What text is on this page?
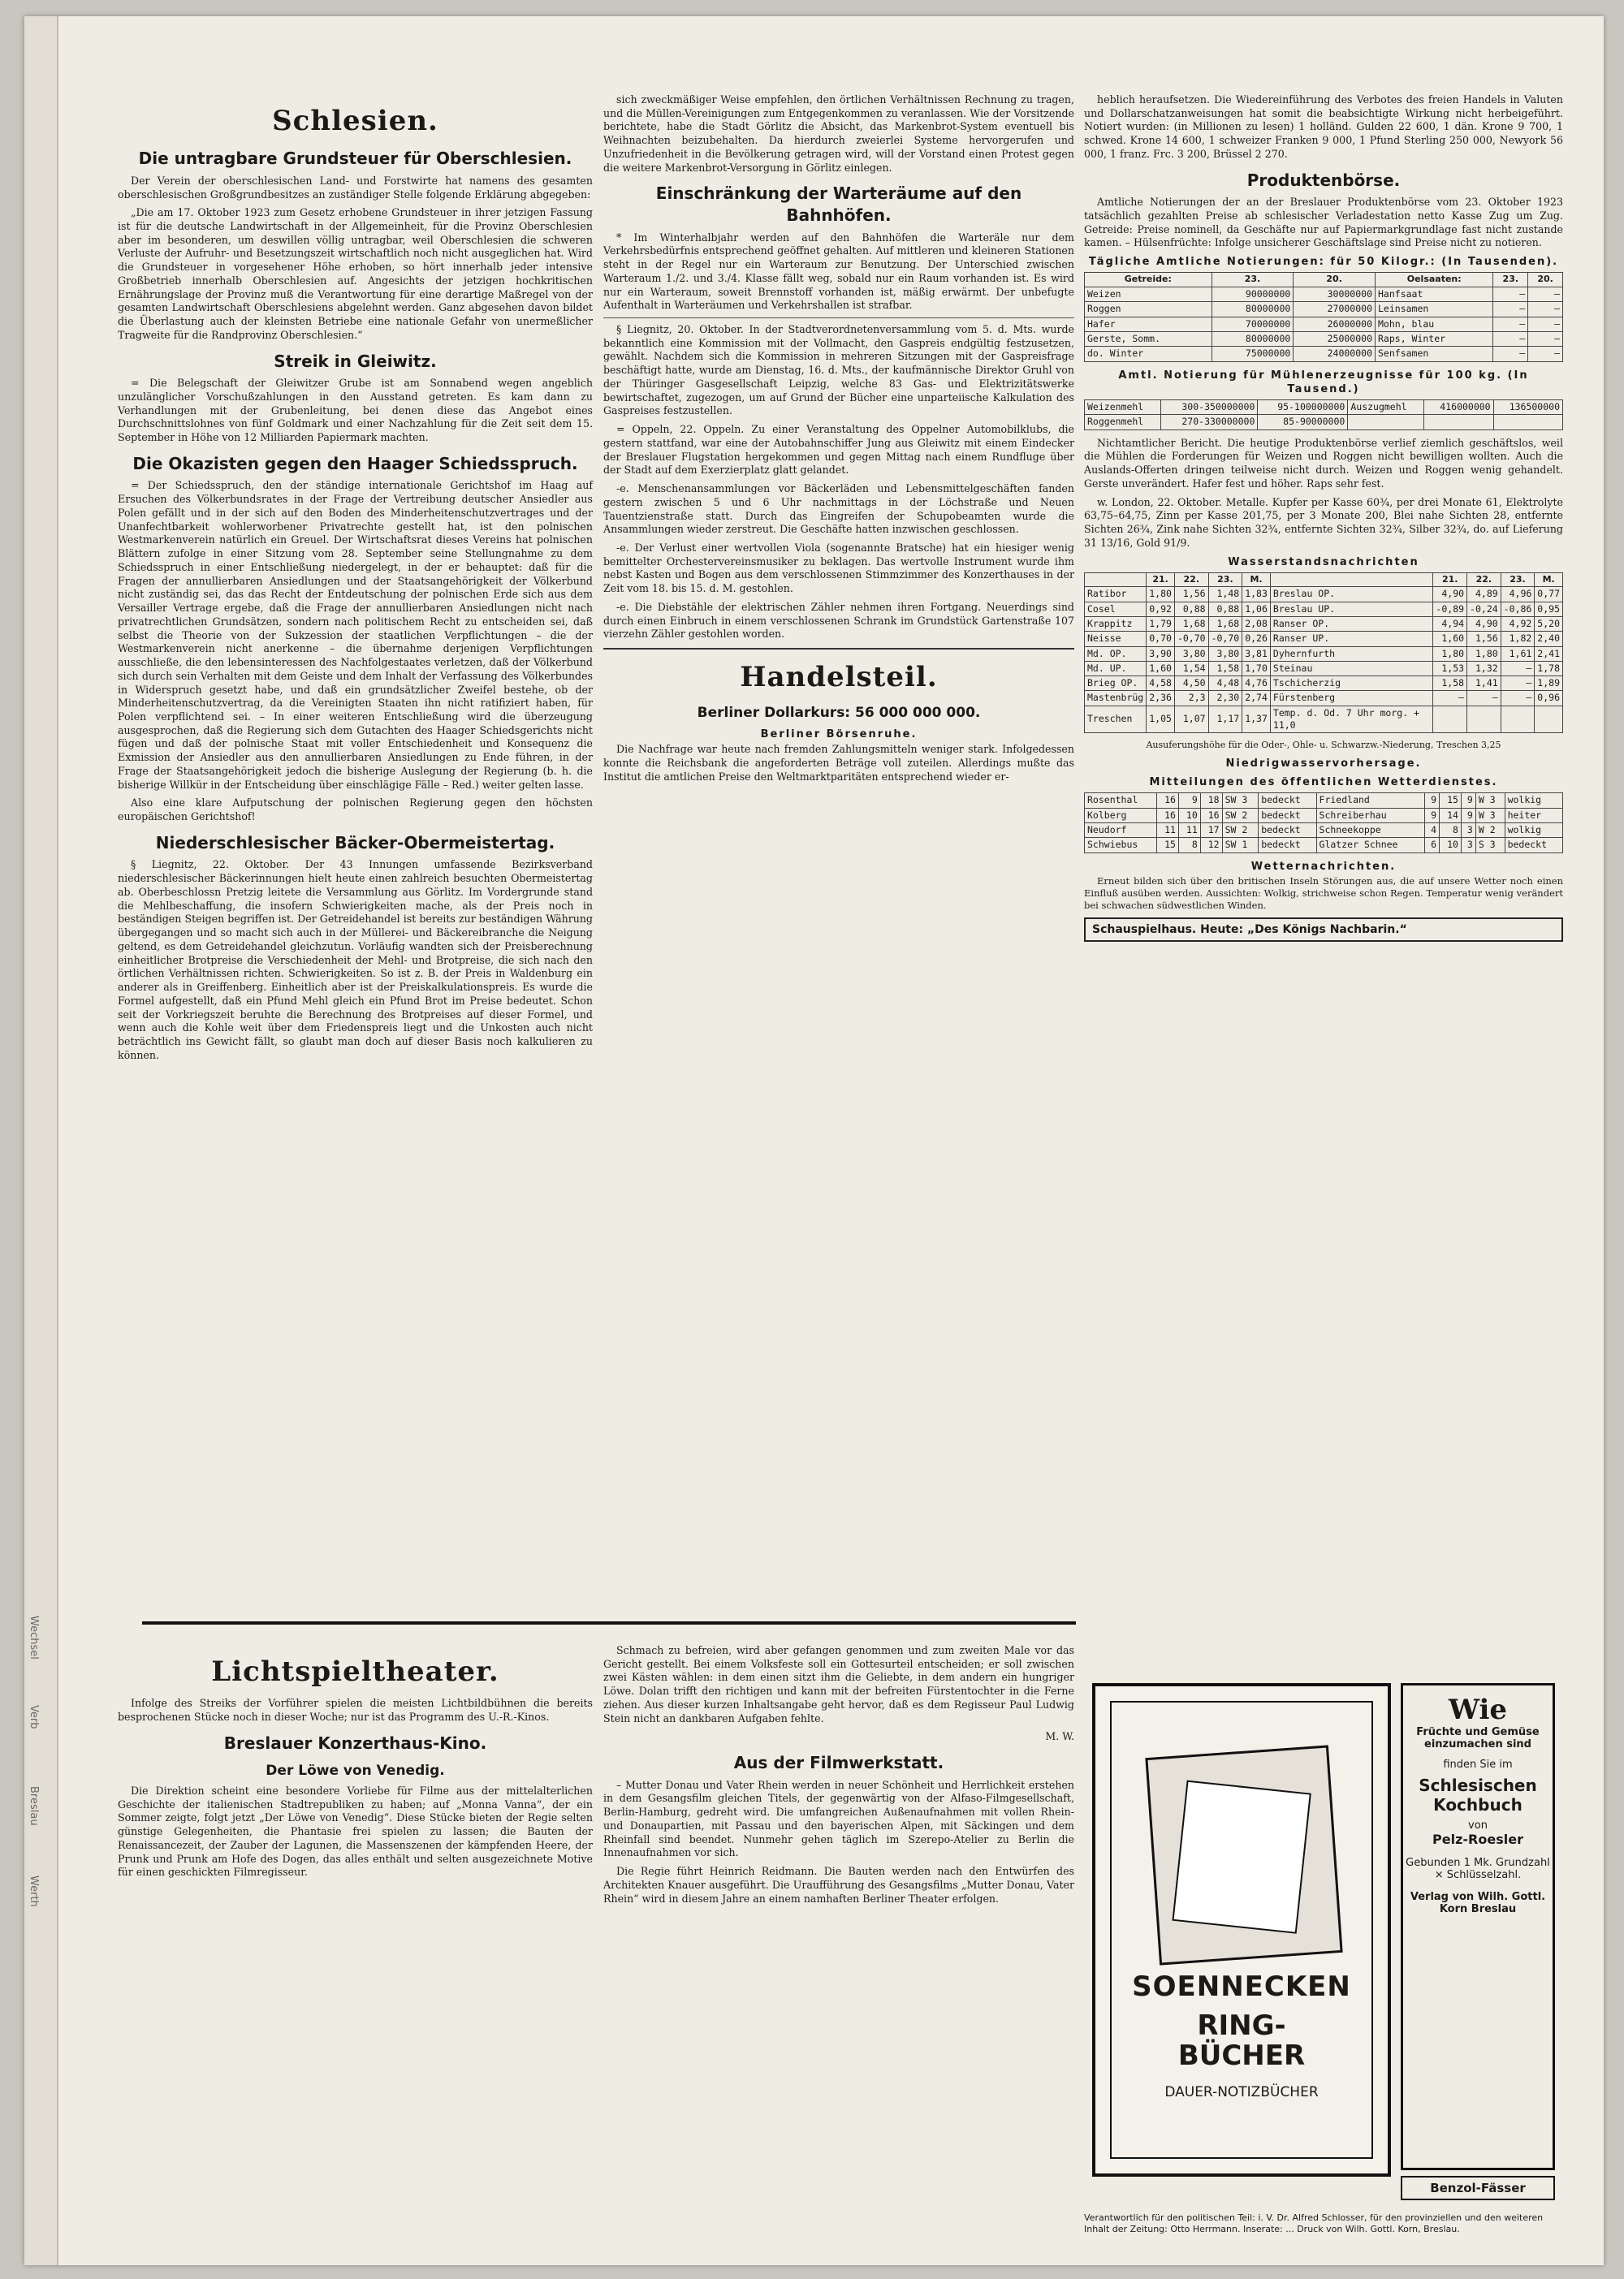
Wechsel
Verb
Breslau
Werth
Schlesien.
Die untragbare Grundsteuer für Oberschlesien.

Der Verein der oberschlesischen Land- und Forstwirte hat namens des gesamten oberschlesischen Großgrundbesitzes an zuständiger Stelle folgende Erklärung abgegeben:

„Die am 17. Oktober 1923 zum Gesetz erhobene Grundsteuer in ihrer jetzigen Fassung ist für die deutsche Landwirtschaft in der Allgemeinheit, für die Provinz Oberschlesien aber im besonderen, um deswillen völlig untragbar, weil Oberschlesien die schweren Verluste der Aufruhr- und Besetzungszeit wirtschaftlich noch nicht ausgeglichen hat. Wird die Grundsteuer in vorgesehener Höhe erhoben, so hört innerhalb jeder intensive Großbetrieb innerhalb Oberschlesien auf. Angesichts der jetzigen hochkritischen Ernährungslage der Provinz muß die Verantwortung für eine derartige Maßregel von der gesamten Landwirtschaft Oberschlesiens abgelehnt werden. Ganz abgesehen davon bildet die Überlastung auch der kleinsten Betriebe eine nationale Gefahr von unermeßlicher Tragweite für die Randprovinz Oberschlesien.“

Streik in Gleiwitz.

= Die Belegschaft der Gleiwitzer Grube ist am Sonnabend wegen angeblich unzulänglicher Vorschußzahlungen in den Ausstand getreten. Es kam dann zu Verhandlungen mit der Grubenleitung, bei denen diese das Angebot eines Durchschnittslohnes von fünf Goldmark und einer Nachzahlung für die Zeit seit dem 15. September in Höhe von 12 Milliarden Papiermark machten.

Die Okazisten gegen den Haager Schiedsspruch.

= Der Schiedsspruch, den der ständige internationale Gerichtshof im Haag auf Ersuchen des Völkerbundsrates in der Frage der Vertreibung deutscher Ansiedler aus Polen gefällt und in der sich auf den Boden des Minderheitenschutzvertrages und der Unanfechtbarkeit wohlerworbener Privatrechte gestellt hat, ist den polnischen Westmarkenverein natürlich ein Greuel. Der Wirtschaftsrat dieses Vereins hat polnischen Blättern zufolge in einer Sitzung vom 28. September seine Stellungnahme zu dem Schiedsspruch in einer Entschließung niedergelegt, in der er behauptet: daß für die Fragen der annullierbaren Ansiedlungen und der Staatsangehörigkeit der Völkerbund nicht zuständig sei, das das Recht der Entdeutschung der polnischen Erde sich aus dem Versailler Vertrage ergebe, daß die Frage der annullierbaren Ansiedlungen nicht nach privatrechtlichen Grundsätzen, sondern nach politischem Recht zu entscheiden sei, daß selbst die Theorie von der Sukzession der staatlichen Verpflichtungen – die der Westmarkenverein nicht anerkenne – die übernahme derjenigen Verpflichtungen ausschließe, die den lebensinteressen des Nachfolgestaates verletzen, daß der Völkerbund sich durch sein Verhalten mit dem Geiste und dem Inhalt der Verfassung des Völkerbundes in Widerspruch gesetzt habe, und daß ein grundsätzlicher Zweifel bestehe, ob der Minderheitenschutzvertrag, da die Vereinigten Staaten ihn nicht ratifiziert haben, für Polen verpflichtend sei. – In einer weiteren Entschließung wird die überzeugung ausgesprochen, daß die Regierung sich dem Gutachten des Haager Schiedsgerichts nicht fügen und daß der polnische Staat mit voller Entschiedenheit und Konsequenz die Exmission der Ansiedler aus den annullierbaren Ansiedlungen zu Ende führen, in der Frage der Staatsangehörigkeit jedoch die bisherige Auslegung der Regierung (b. h. die bisherige Willkür in der Entscheidung über einschlägige Fälle – Red.) weiter gelten lasse.

Also eine klare Aufputschung der polnischen Regierung gegen den höchsten europäischen Gerichtshof!

Niederschlesischer Bäcker-Obermeistertag.

§ Liegnitz, 22. Oktober. Der 43 Innungen umfassende Bezirksverband niederschlesischer Bäckerinnungen hielt heute einen zahlreich besuchten Obermeistertag ab. Oberbeschlossn Pretzig leitete die Versammlung aus Görlitz. Im Vordergrunde stand die Mehlbeschaffung, die insofern Schwierigkeiten mache, als der Preis noch in beständigen Steigen begriffen ist. Der Getreidehandel ist bereits zur beständigen Währung übergegangen und so macht sich auch in der Müllerei- und Bäckereibranche die Neigung geltend, es dem Getreidehandel gleichzutun. Vorläufig wandten sich der Preisberechnung einheitlicher Brotpreise die Verschiedenheit der Mehl- und Brotpreise, die sich nach den örtlichen Verhältnissen richten. Schwierigkeiten. So ist z. B. der Preis in Waldenburg ein anderer als in Greiffenberg. Einheitlich aber ist der Preiskalkulationspreis. Es wurde die Formel aufgestellt, daß ein Pfund Mehl gleich ein Pfund Brot im Preise bedeutet. Schon seit der Vorkriegszeit beruhte die Berechnung des Brotpreises auf dieser Formel, und wenn auch die Kohle weit über dem Friedenspreis liegt und die Unkosten auch nicht beträchtlich ins Gewicht fällt, so glaubt man doch auf dieser Basis noch kalkulieren zu können.

sich zweckmäßiger Weise empfehlen, den örtlichen Verhältnissen Rechnung zu tragen, und die Müllen-Vereinigungen zum Entgegenkommen zu veranlassen. Wie der Vorsitzende berichtete, habe die Stadt Görlitz die Absicht, das Markenbrot-System eventuell bis Weihnachten beizubehalten. Da hierdurch zweierlei Systeme hervorgerufen und Unzufriedenheit in die Bevölkerung getragen wird, will der Vorstand einen Protest gegen die weitere Markenbrot-Versorgung in Görlitz einlegen.

Einschränkung der Warteräume auf den Bahnhöfen.

* Im Winterhalbjahr werden auf den Bahnhöfen die Warteräle nur dem Verkehrsbedürfnis entsprechend geöffnet gehalten. Auf mittleren und kleineren Stationen steht in der Regel nur ein Warteraum zur Benutzung. Der Unterschied zwischen Warteraum 1./2. und 3./4. Klasse fällt weg, sobald nur ein Raum vorhanden ist. Es wird nur ein Warteraum, soweit Brennstoff vorhanden ist, mäßig erwärmt. Der unbefugte Aufenthalt in Warteräumen und Verkehrshallen ist strafbar.

§ Liegnitz, 20. Oktober. In der Stadtverordnetenversammlung vom 5. d. Mts. wurde bekanntlich eine Kommission mit der Vollmacht, den Gaspreis endgültig festzusetzen, gewählt. Nachdem sich die Kommission in mehreren Sitzungen mit der Gaspreisfrage beschäftigt hatte, wurde am Dienstag, 16. d. Mts., der kaufmännische Direktor Gruhl von der Thüringer Gasgesellschaft Leipzig, welche 83 Gas- und Elektrizitätswerke bewirtschaftet, zugezogen, um auf Grund der Bücher eine unparteiische Kalkulation des Gaspreises festzustellen.

= Oppeln, 22. Oppeln. Zu einer Veranstaltung des Oppelner Automobilklubs, die gestern stattfand, war eine der Autobahnschiffer Jung aus Gleiwitz mit einem Eindecker der Breslauer Flugstation hergekommen und gegen Mittag nach einem Rundfluge über der Stadt auf dem Exerzierplatz glatt gelandet.

-e. Menschenansammlungen vor Bäckerläden und Lebensmittelgeschäften fanden gestern zwischen 5 und 6 Uhr nachmittags in der Löchstraße und Neuen Tauentzienstraße statt. Durch das Eingreifen der Schupobeamten wurde die Ansammlungen wieder zerstreut. Die Geschäfte hatten inzwischen geschlossen.

-e. Der Verlust einer wertvollen Viola (sogenannte Bratsche) hat ein hiesiger wenig bemittelter Orchestervereinsmusiker zu beklagen. Das wertvolle Instrument wurde ihm nebst Kasten und Bogen aus dem verschlossenen Stimmzimmer des Konzerthauses in der Zeit vom 18. bis 15. d. M. gestohlen.

-e. Die Diebstähle der elektrischen Zähler nehmen ihren Fortgang. Neuerdings sind durch einen Einbruch in einem verschlossenen Schrank im Grundstück Gartenstraße 107 vierzehn Zähler gestohlen worden.

Handelsteil.
Berliner Dollarkurs: 56 000 000 000.
Berliner Börsenruhe.

Die Nachfrage war heute nach fremden Zahlungsmitteln weniger stark. Infolgedessen konnte die Reichsbank die angeforderten Beträge voll zuteilen. Allerdings mußte das Institut die amtlichen Preise den Weltmarktparitäten entsprechend wieder er-

heblich heraufsetzen. Die Wiedereinführung des Verbotes des freien Handels in Valuten und Dollarschatzanweisungen hat somit die beabsichtigte Wirkung nicht herbeigeführt. Notiert wurden: (in Millionen zu lesen) 1 holländ. Gulden 22 600, 1 dän. Krone 9 700, 1 schwed. Krone 14 600, 1 schweizer Franken 9 000, 1 Pfund Sterling 250 000, Newyork 56 000, 1 franz. Frc. 3 200, Brüssel 2 270.

Produktenbörse.

Amtliche Notierungen der an der Breslauer Produktenbörse vom 23. Oktober 1923 tatsächlich gezahlten Preise ab schlesischer Verladestation netto Kasse Zug um Zug. Getreide: Preise nominell, da Geschäfte nur auf Papiermarkgrundlage fast nicht zustande kamen. – Hülsenfrüchte: Infolge unsicherer Geschäftslage sind Preise nicht zu notieren.

Tägliche Amtliche Notierungen: für 50 Kilogr.: (In Tausenden).
Getreide:	23.	20.	Oelsaaten:	23.	20.
Weizen	90000000	30000000	Hanfsaat	—	—
Roggen	80000000	27000000	Leinsamen	—	—
Hafer	70000000	26000000	Mohn, blau	—	—
Gerste, Somm.	80000000	25000000	Raps, Winter	—	—
do. Winter	75000000	24000000	Senfsamen	—	—
Amtl. Notierung für Mühlenerzeugnisse für 100 kg. (In Tausend.)
Weizenmehl	300-350000000	95-100000000	Auszugmehl	416000000	136500000
Roggenmehl	270-330000000	85-90000000			

Nichtamtlicher Bericht. Die heutige Produktenbörse verlief ziemlich geschäftslos, weil die Mühlen die Forderungen für Weizen und Roggen nicht bewilligen wollten. Auch die Auslands-Offerten dringen teilweise nicht durch. Weizen und Roggen wenig gehandelt. Gerste unverändert. Hafer fest und höher. Raps sehr fest.

w. London, 22. Oktober. Metalle. Kupfer per Kasse 60¾, per drei Monate 61, Elektrolyte 63,75–64,75, Zinn per Kasse 201,75, per 3 Monate 200, Blei nahe Sichten 28, entfernte Sichten 26¾, Zink nahe Sichten 32¾, entfernte Sichten 32¾, Silber 32¾, do. auf Lieferung 31 13/16, Gold 91/9.

Wasserstandsnachrichten
	21.	22.	23.	M.		21.	22.	23.	M.
Ratibor	1,80	1,56	1,48	1,83	Breslau OP.	4,90	4,89	4,96	0,77
Cosel	0,92	0,88	0,88	1,06	Breslau UP.	-0,89	-0,24	-0,86	0,95
Krappitz	1,79	1,68	1,68	2,08	Ranser OP.	4,94	4,90	4,92	5,20
Neisse	0,70	-0,70	-0,70	0,26	Ranser UP.	1,60	1,56	1,82	2,40
Md. OP.	3,90	3,80	3,80	3,81	Dyhernfurth	1,80	1,80	1,61	2,41
Md. UP.	1,60	1,54	1,58	1,70	Steinau	1,53	1,32	—	1,78
Brieg OP.	4,58	4,50	4,48	4,76	Tschicherzig	1,58	1,41	—	1,89
Mastenbrüg	2,36	2,3	2,30	2,74	Fürstenberg	—	—	—	0,96
Treschen	1,05	1,07	1,17	1,37	Temp. d. Od. 7 Uhr morg. + 11,0				
Ausuferungshöhe für die Oder-, Ohle- u. Schwarzw.-Niederung, Treschen 3,25
Niedrigwasservorhersage.
Mitteilungen des öffentlichen Wetterdienstes.
Rosenthal	16	9	18	SW 3	bedeckt	Friedland	9	15	9	W 3	wolkig
Kolberg	16	10	16	SW 2	bedeckt	Schreiberhau	9	14	9	W 3	heiter
Neudorf	11	11	17	SW 2	bedeckt	Schneekoppe	4	8	3	W 2	wolkig
Schwiebus	15	8	12	SW 1	bedeckt	Glatzer Schnee	6	10	3	S 3	bedeckt
Wetternachrichten.

Erneut bilden sich über den britischen Inseln Störungen aus, die auf unsere Wetter noch einen Einfluß ausüben werden. Aussichten: Wolkig, strichweise schon Regen. Temperatur wenig verändert bei schwachen südwestlichen Winden.

Schauspielhaus. Heute: „Des Königs Nachbarin.“
Lichtspieltheater.

Infolge des Streiks der Vorführer spielen die meisten Lichtbildbühnen die bereits besprochenen Stücke noch in dieser Woche; nur ist das Programm des U.-R.-Kinos.

Breslauer Konzerthaus-Kino.
Der Löwe von Venedig.

Die Direktion scheint eine besondere Vorliebe für Filme aus der mittelalterlichen Geschichte der italienischen Stadtrepubliken zu haben; auf „Monna Vanna“, der ein Sommer zeigte, folgt jetzt „Der Löwe von Venedig“. Diese Stücke bieten der Regie selten günstige Gelegenheiten, die Phantasie frei spielen zu lassen; die Bauten der Renaissancezeit, der Zauber der Lagunen, die Massenszenen der kämpfenden Heere, der Prunk und Prunk am Hofe des Dogen, das alles enthält und selten ausgezeichnete Motive für einen geschickten Filmregisseur.

Schmach zu befreien, wird aber gefangen genommen und zum zweiten Male vor das Gericht gestellt. Bei einem Volksfeste soll ein Gottesurteil entscheiden; er soll zwischen zwei Kästen wählen: in dem einen sitzt ihm die Geliebte, in dem andern ein hungriger Löwe. Dolan trifft den richtigen und kann mit der befreiten Fürstentochter in die Ferne ziehen. Aus dieser kurzen Inhaltsangabe geht hervor, daß es dem Regisseur Paul Ludwig Stein nicht an dankbaren Aufgaben fehlte.

M. W.
Aus der Filmwerkstatt.

– Mutter Donau und Vater Rhein werden in neuer Schönheit und Herrlichkeit erstehen in dem Gesangsfilm gleichen Titels, der gegenwärtig von der Alfaso-Filmgesellschaft, Berlin-Hamburg, gedreht wird. Die umfangreichen Außenaufnahmen mit vollen Rhein- und Donaupartien, mit Passau und den bayerischen Alpen, mit Säckingen und dem Rheinfall sind beendet. Nunmehr gehen täglich im Szerepo-Atelier zu Berlin die Innenaufnahmen vor sich.

Die Regie führt Heinrich Reidmann. Die Bauten werden nach den Entwürfen des Architekten Knauer ausgeführt. Die Uraufführung des Gesangsfilms „Mutter Donau, Vater Rhein“ wird in diesem Jahre an einem namhaften Berliner Theater erfolgen.

SOENNECKEN
RING-
BÜCHER
DAUER-NOTIZBÜCHER
Wie
Früchte und Gemüse einzumachen sind
finden Sie im
Schlesischen Kochbuch
von
Pelz-Roesler
Gebunden 1 Mk. Grundzahl × Schlüsselzahl.
Verlag von Wilh. Gottl. Korn Breslau
Benzol-Fässer
Verantwortlich für den politischen Teil: i. V. Dr. Alfred Schlosser, für den provinziellen und den weiteren Inhalt der Zeitung: Otto Herrmann. Inserate: ... Druck von Wilh. Gottl. Korn, Breslau.
